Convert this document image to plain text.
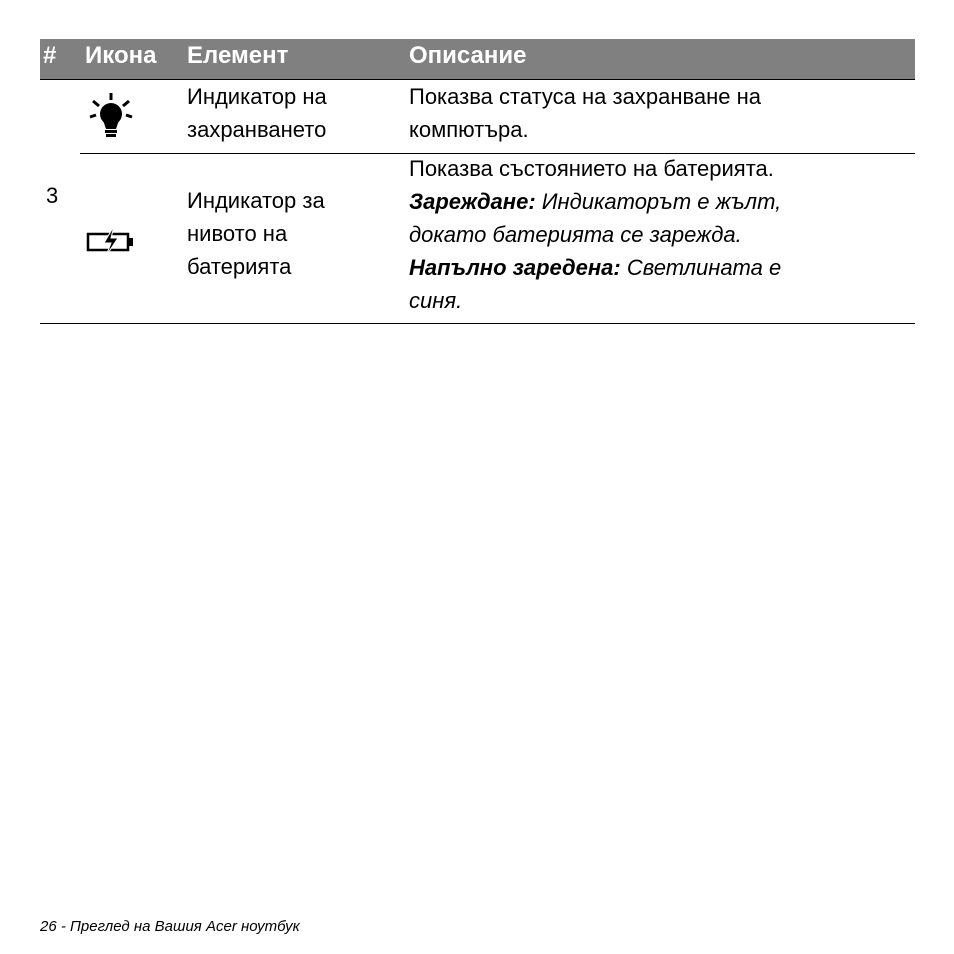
# Икона Елемент	Описание
3
Индикатор на
захранването
Показва статуса на захранване на
компютъра.
Индикатор за
нивото на
батерията
Показва състоянието на батерията.
Зареждане: Индикаторът е жълт,
докато батерията се зарежда.
Напълно заредена: Светлината е
синя.
26 - Преглед на Вашия Acer ноутбук
